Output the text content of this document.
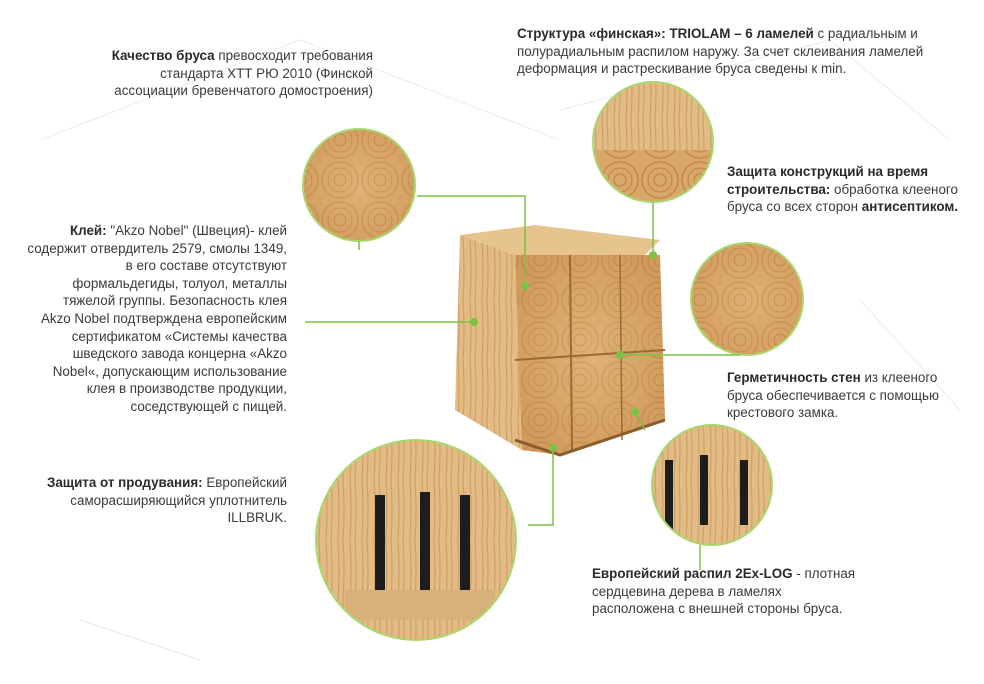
Качество бруса превосходит требования
стандарта ХТТ РЮ 2010 (Финской
ассоциации бревенчатого домостроения)
Структура «финская»: TRIOLAM – 6 ламелей с радиальным и
полурадиальным распилом наружу. За счет склеивания ламелей
деформация и растрескивание бруса сведены к min.
Защита конструкций на время
строительства: обработка клееного
бруса со всех сторон антисептиком.
Клей: "Akzo Nobel" (Швеция)- клей
содержит отвердитель 2579, смолы 1349,
в его составе отсутствуют
формальдегиды, толуол, металлы
тяжелой группы. Безопасность клея
Akzo Nobel подтверждена европейским
сертификатом «Системы качества
шведского завода концерна «Akzo
Nobel«, допускающим использование
клея в производстве продукции,
соседствующей с пищей.
Герметичность стен из клееного
бруса обеспечивается с помощью
крестового замка.
Защита от продувания: Европейский
саморасширяющийся уплотнитель
ILLBRUK.
Европейский распил 2Ex-LOG - плотная
сердцевина дерева в ламелях
расположена с внешней стороны бруса.
